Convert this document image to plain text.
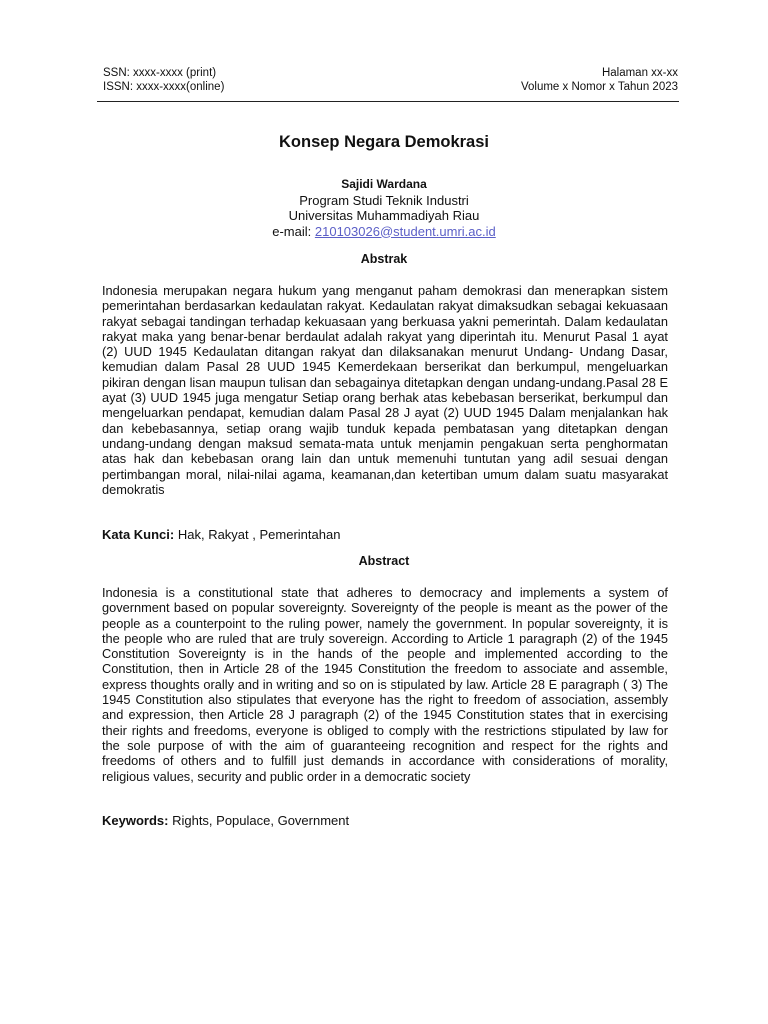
SSN: xxxx-xxxx (print)
ISSN: xxxx-xxxx(online)
Halaman xx-xx
Volume x Nomor x Tahun 2023
Konsep Negara Demokrasi
Sajidi Wardana
Program Studi Teknik Industri
Universitas Muhammadiyah Riau
e-mail: 210103026@student.umri.ac.id
Abstrak

Indonesia merupakan negara hukum yang menganut paham demokrasi dan menerapkan sistem pemerintahan berdasarkan kedaulatan rakyat. Kedaulatan rakyat dimaksudkan sebagai kekuasaan rakyat sebagai tandingan terhadap kekuasaan yang berkuasa yakni pemerintah. Dalam kedaulatan rakyat maka yang benar-benar berdaulat adalah rakyat yang diperintah itu. Menurut Pasal 1 ayat (2) UUD 1945 Kedaulatan ditangan rakyat dan dilaksanakan menurut Undang- Undang Dasar, kemudian dalam Pasal 28 UUD 1945 Kemerdekaan berserikat dan berkumpul, mengeluarkan pikiran dengan lisan maupun tulisan dan sebagainya ditetapkan dengan undang-undang.Pasal 28 E ayat (3) UUD 1945 juga mengatur Setiap orang berhak atas kebebasan berserikat, berkumpul dan mengeluarkan pendapat, kemudian dalam Pasal 28 J ayat (2) UUD 1945 Dalam menjalankan hak dan kebebasannya, setiap orang wajib tunduk kepada pembatasan yang ditetapkan dengan undang-undang dengan maksud semata-mata untuk menjamin pengakuan serta penghormatan atas hak dan kebebasan orang lain dan untuk memenuhi tuntutan yang adil sesuai dengan pertimbangan moral, nilai-nilai agama, keamanan,dan ketertiban umum dalam suatu masyarakat demokratis

Kata Kunci: Hak, Rakyat , Pemerintahan
Abstract

Indonesia is a constitutional state that adheres to democracy and implements a system of government based on popular sovereignty. Sovereignty of the people is meant as the power of the people as a counterpoint to the ruling power, namely the government. In popular sovereignty, it is the people who are ruled that are truly sovereign. According to Article 1 paragraph (2) of the 1945 Constitution Sovereignty is in the hands of the people and implemented according to the Constitution, then in Article 28 of the 1945 Constitution the freedom to associate and assemble, express thoughts orally and in writing and so on is stipulated by law. Article 28 E paragraph ( 3) The 1945 Constitution also stipulates that everyone has the right to freedom of association, assembly and expression, then Article 28 J paragraph (2) of the 1945 Constitution states that in exercising their rights and freedoms, everyone is obliged to comply with the restrictions stipulated by law for the sole purpose of with the aim of guaranteeing recognition and respect for the rights and freedoms of others and to fulfill just demands in accordance with considerations of morality, religious values, security and public order in a democratic society

Keywords: Rights, Populace, Government
